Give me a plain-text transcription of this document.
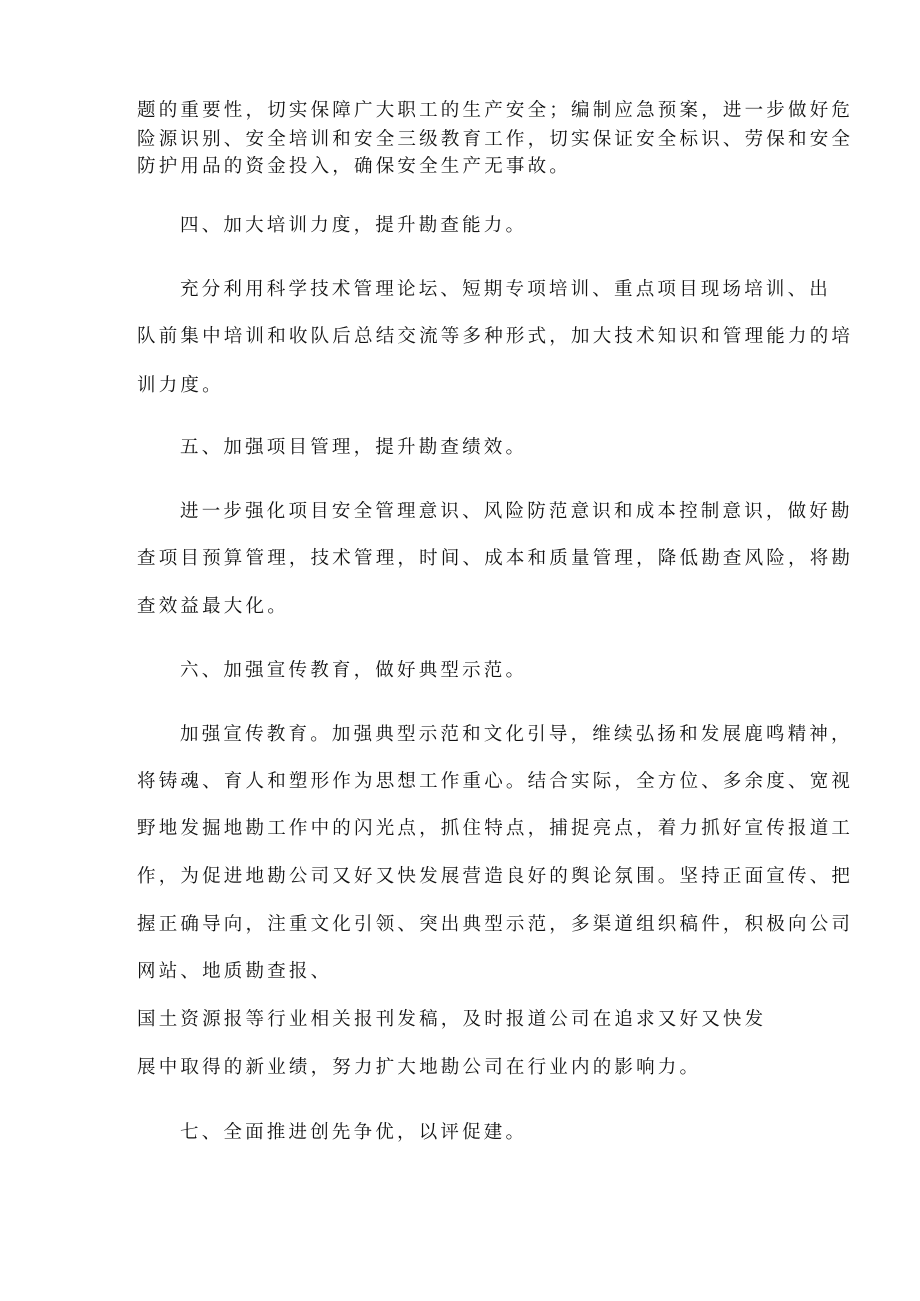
题的重要性，切实保障广大职工的生产安全；编制应急预案，进一步做好危
险源识别、安全培训和安全三级教育工作，切实保证安全标识、劳保和安全
防护用品的资金投入，确保安全生产无事故。
四、加大培训力度，提升勘查能力。
充分利用科学技术管理论坛、短期专项培训、重点项目现场培训、出
队前集中培训和收队后总结交流等多种形式，加大技术知识和管理能力的培
训力度。
五、加强项目管理，提升勘查绩效。
进一步强化项目安全管理意识、风险防范意识和成本控制意识，做好勘
查项目预算管理，技术管理，时间、成本和质量管理，降低勘查风险，将勘
查效益最大化。
六、加强宣传教育，做好典型示范。
加强宣传教育。加强典型示范和文化引导，维续弘扬和发展鹿鸣精神，
将铸魂、育人和塑形作为思想工作重心。结合实际，全方位、多余度、宽视
野地发掘地勘工作中的闪光点，抓住特点，捕捉亮点，着力抓好宣传报道工
作，为促进地勘公司又好又快发展营造良好的舆论氛围。坚持正面宣传、把
握正确导向，注重文化引领、突出典型示范，多渠道组织稿件，积极向公司
网站、地质勘查报、
国土资源报等行业相关报刊发稿，及时报道公司在追求又好又快发
展中取得的新业绩，努力扩大地勘公司在行业内的影响力。
七、全面推进创先争优，以评促建。
